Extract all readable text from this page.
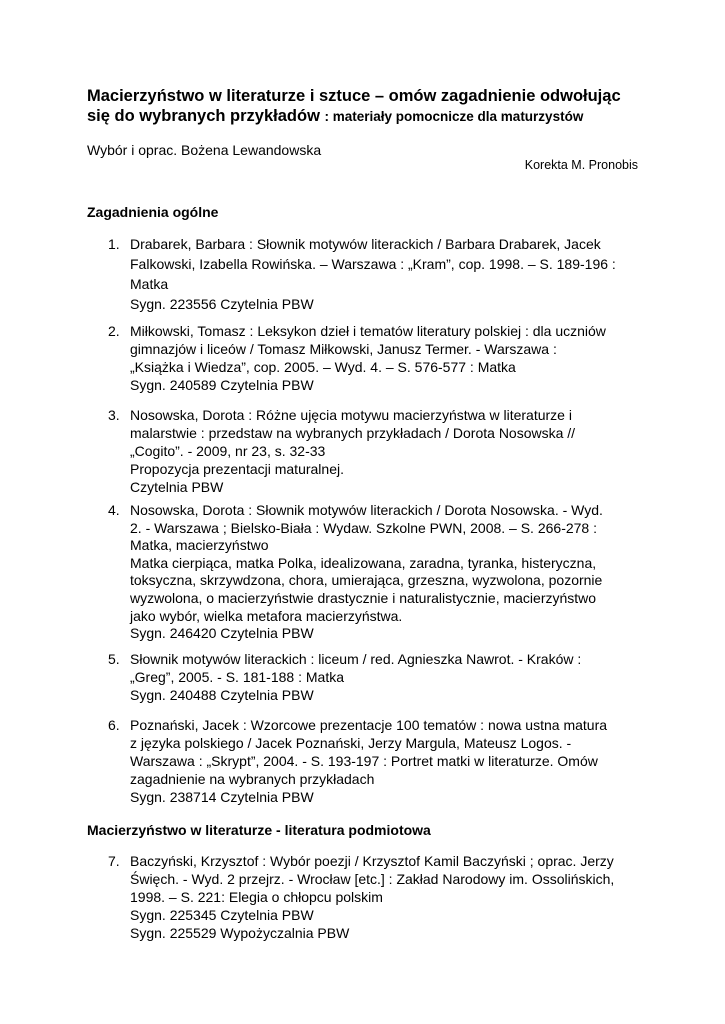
Macierzyństwo w literaturze i sztuce – omów zagadnienie odwołując
się do wybranych przykładów : materiały pomocnicze dla maturzystów

Wybór i oprac. Bożena Lewandowska

Korekta M. Pronobis

Zagadnienia ogólne
1. Drabarek, Barbara : Słownik motywów literackich / Barbara Drabarek, Jacek
Falkowski, Izabella Rowińska. – Warszawa : „Kram”, cop. 1998. – S. 189-196 :
Matka
Sygn. 223556 Czytelnia PBW
2. Miłkowski, Tomasz : Leksykon dzieł i tematów literatury polskiej : dla uczniów
gimnazjów i liceów / Tomasz Miłkowski, Janusz Termer. - Warszawa :
„Książka i Wiedza”, cop. 2005. – Wyd. 4. – S. 576-577 : Matka
Sygn. 240589 Czytelnia PBW
3. Nosowska, Dorota : Różne ujęcia motywu macierzyństwa w literaturze i
malarstwie : przedstaw na wybranych przykładach / Dorota Nosowska //
„Cogito”. - 2009, nr 23, s. 32-33
Propozycja prezentacji maturalnej.
Czytelnia PBW
4. Nosowska, Dorota : Słownik motywów literackich / Dorota Nosowska. - Wyd.
2. - Warszawa ; Bielsko-Biała : Wydaw. Szkolne PWN, 2008. – S. 266-278 :
Matka, macierzyństwo
Matka cierpiąca, matka Polka, idealizowana, zaradna, tyranka, histeryczna,
toksyczna, skrzywdzona, chora, umierająca, grzeszna, wyzwolona, pozornie
wyzwolona, o macierzyństwie drastycznie i naturalistycznie, macierzyństwo
jako wybór, wielka metafora macierzyństwa.
Sygn. 246420 Czytelnia PBW
5. Słownik motywów literackich : liceum / red. Agnieszka Nawrot. - Kraków :
„Greg”, 2005. - S. 181-188 : Matka
Sygn. 240488 Czytelnia PBW
6. Poznański, Jacek : Wzorcowe prezentacje 100 tematów : nowa ustna matura
z języka polskiego / Jacek Poznański, Jerzy Margula, Mateusz Logos. -
Warszawa : „Skrypt”, 2004. - S. 193-197 : Portret matki w literaturze. Omów
zagadnienie na wybranych przykładach
Sygn. 238714 Czytelnia PBW
Macierzyństwo w literaturze - literatura podmiotowa
7. Baczyński, Krzysztof : Wybór poezji / Krzysztof Kamil Baczyński ; oprac. Jerzy
Święch. - Wyd. 2 przejrz. - Wrocław [etc.] : Zakład Narodowy im. Ossolińskich,
1998. – S. 221: Elegia o chłopcu polskim
Sygn. 225345 Czytelnia PBW
Sygn. 225529 Wypożyczalnia PBW
